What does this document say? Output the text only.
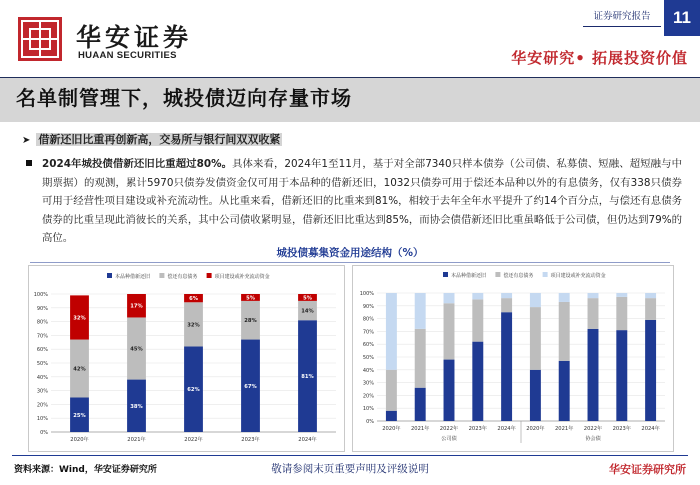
华安证券
HUAAN SECURITIES
证券研究报告	11
华安研究• 拓展投资价值
名单制管理下，城投债迈向存量市场
➤ 借新还旧比重再创新高，交易所与银行间双双收紧
2024年城投债借新还旧比重超过80%。具体来看，2024年1至11月，基于对全部7340只样本债券（公司债、私募债、短融、超短融与中期票据）的观测，累计5970只债券发债资金仅可用于本品种的借新还旧，1032只债券可用于偿还本品种以外的有息债务，仅有338只债券可用于经营性项目建设或补充流动性。从比重来看，借新还旧的比重来到81%，相较于去年全年水平提升了约14个百分点，与偿还有息债务债券的比重呈现此消彼长的关系，其中公司债收紧明显，借新还旧比重达到85%，而协会债借新还旧比重虽略低于公司债，但仍达到79%的高位。
城投债募集资金用途结构（%）
本品种借新还旧	偿还有息债务	项目建设或补充流动资金
0%
10%
20%
30%
40%
50%
60%
70%
80%
90%
100%
25%
42%
32%
2020年
38%
45%
17%
2021年
62%
32%
6%
2022年
67%
28%
5%
2023年
81%
14%
5%
2024年
本品种借新还旧	偿还有息债务	项目建设或补充流动资金
0%
10%
20%
30%
40%
50%
60%
70%
80%
90%
100%
2020年 2021年 2022年 2023年 2024年 2020年 2021年 2022年 2023年 2024年
公司债	协会债
资料来源：Wind，华安证券研究所	敬请参阅末页重要声明及评级说明	华安证券研究所
